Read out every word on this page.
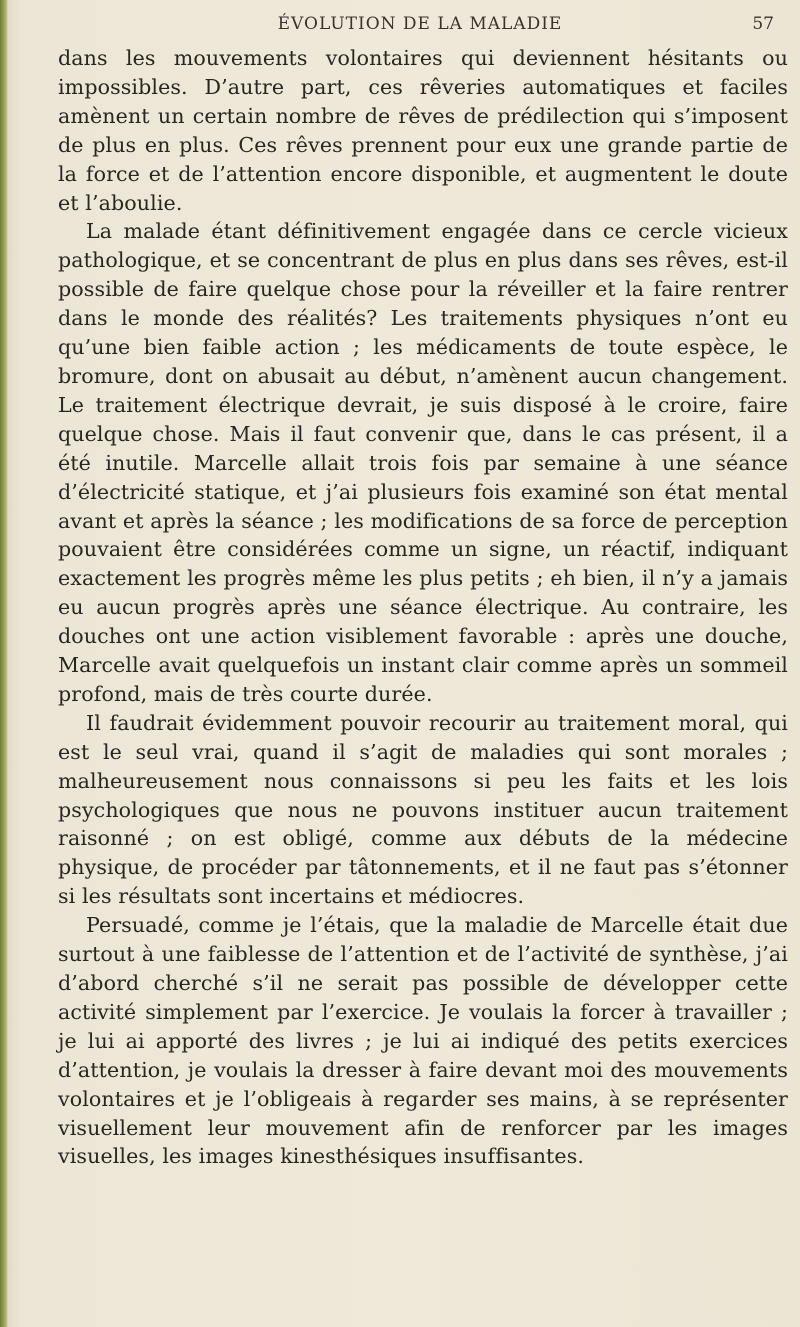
ÉVOLUTION DE LA MALADIE	57

dans les mouvements volontaires qui deviennent hésitants ou impossibles. D’autre part, ces rêveries automatiques et faciles amènent un certain nombre de rêves de prédilection qui s’imposent de plus en plus. Ces rêves prennent pour eux une grande partie de la force et de l’attention encore disponible, et augmentent le doute et l’aboulie.

La malade étant définitivement engagée dans ce cercle vicieux pathologique, et se concentrant de plus en plus dans ses rêves, est-il possible de faire quelque chose pour la réveiller et la faire rentrer dans le monde des réalités? Les traitements physiques n’ont eu qu’une bien faible action ; les médicaments de toute espèce, le bromure, dont on abusait au début, n’amènent aucun changement. Le traitement électrique devrait, je suis disposé à le croire, faire quelque chose. Mais il faut convenir que, dans le cas présent, il a été inutile. Marcelle allait trois fois par semaine à une séance d’électricité statique, et j’ai plusieurs fois examiné son état mental avant et après la séance ; les modifications de sa force de perception pouvaient être considérées comme un signe, un réactif, indiquant exactement les progrès même les plus petits ; eh bien, il n’y a jamais eu aucun progrès après une séance électrique. Au contraire, les douches ont une action visiblement favorable : après une douche, Marcelle avait quelquefois un instant clair comme après un sommeil profond, mais de très courte durée.

Il faudrait évidemment pouvoir recourir au traitement moral, qui est le seul vrai, quand il s’agit de maladies qui sont morales ; malheureusement nous connaissons si peu les faits et les lois psychologiques que nous ne pouvons instituer aucun traitement raisonné ; on est obligé, comme aux débuts de la médecine physique, de procéder par tâtonnements, et il ne faut pas s’étonner si les résultats sont incertains et médiocres.

Persuadé, comme je l’étais, que la maladie de Marcelle était due surtout à une faiblesse de l’attention et de l’activité de synthèse, j’ai d’abord cherché s’il ne serait pas possible de développer cette activité simplement par l’exercice. Je voulais la forcer à travailler ; je lui ai apporté des livres ; je lui ai indiqué des petits exercices d’attention, je voulais la dresser à faire devant moi des mouvements volontaires et je l’obligeais à regarder ses mains, à se représenter visuellement leur mouvement afin de renforcer par les images visuelles, les images kinesthésiques insuffisantes.
